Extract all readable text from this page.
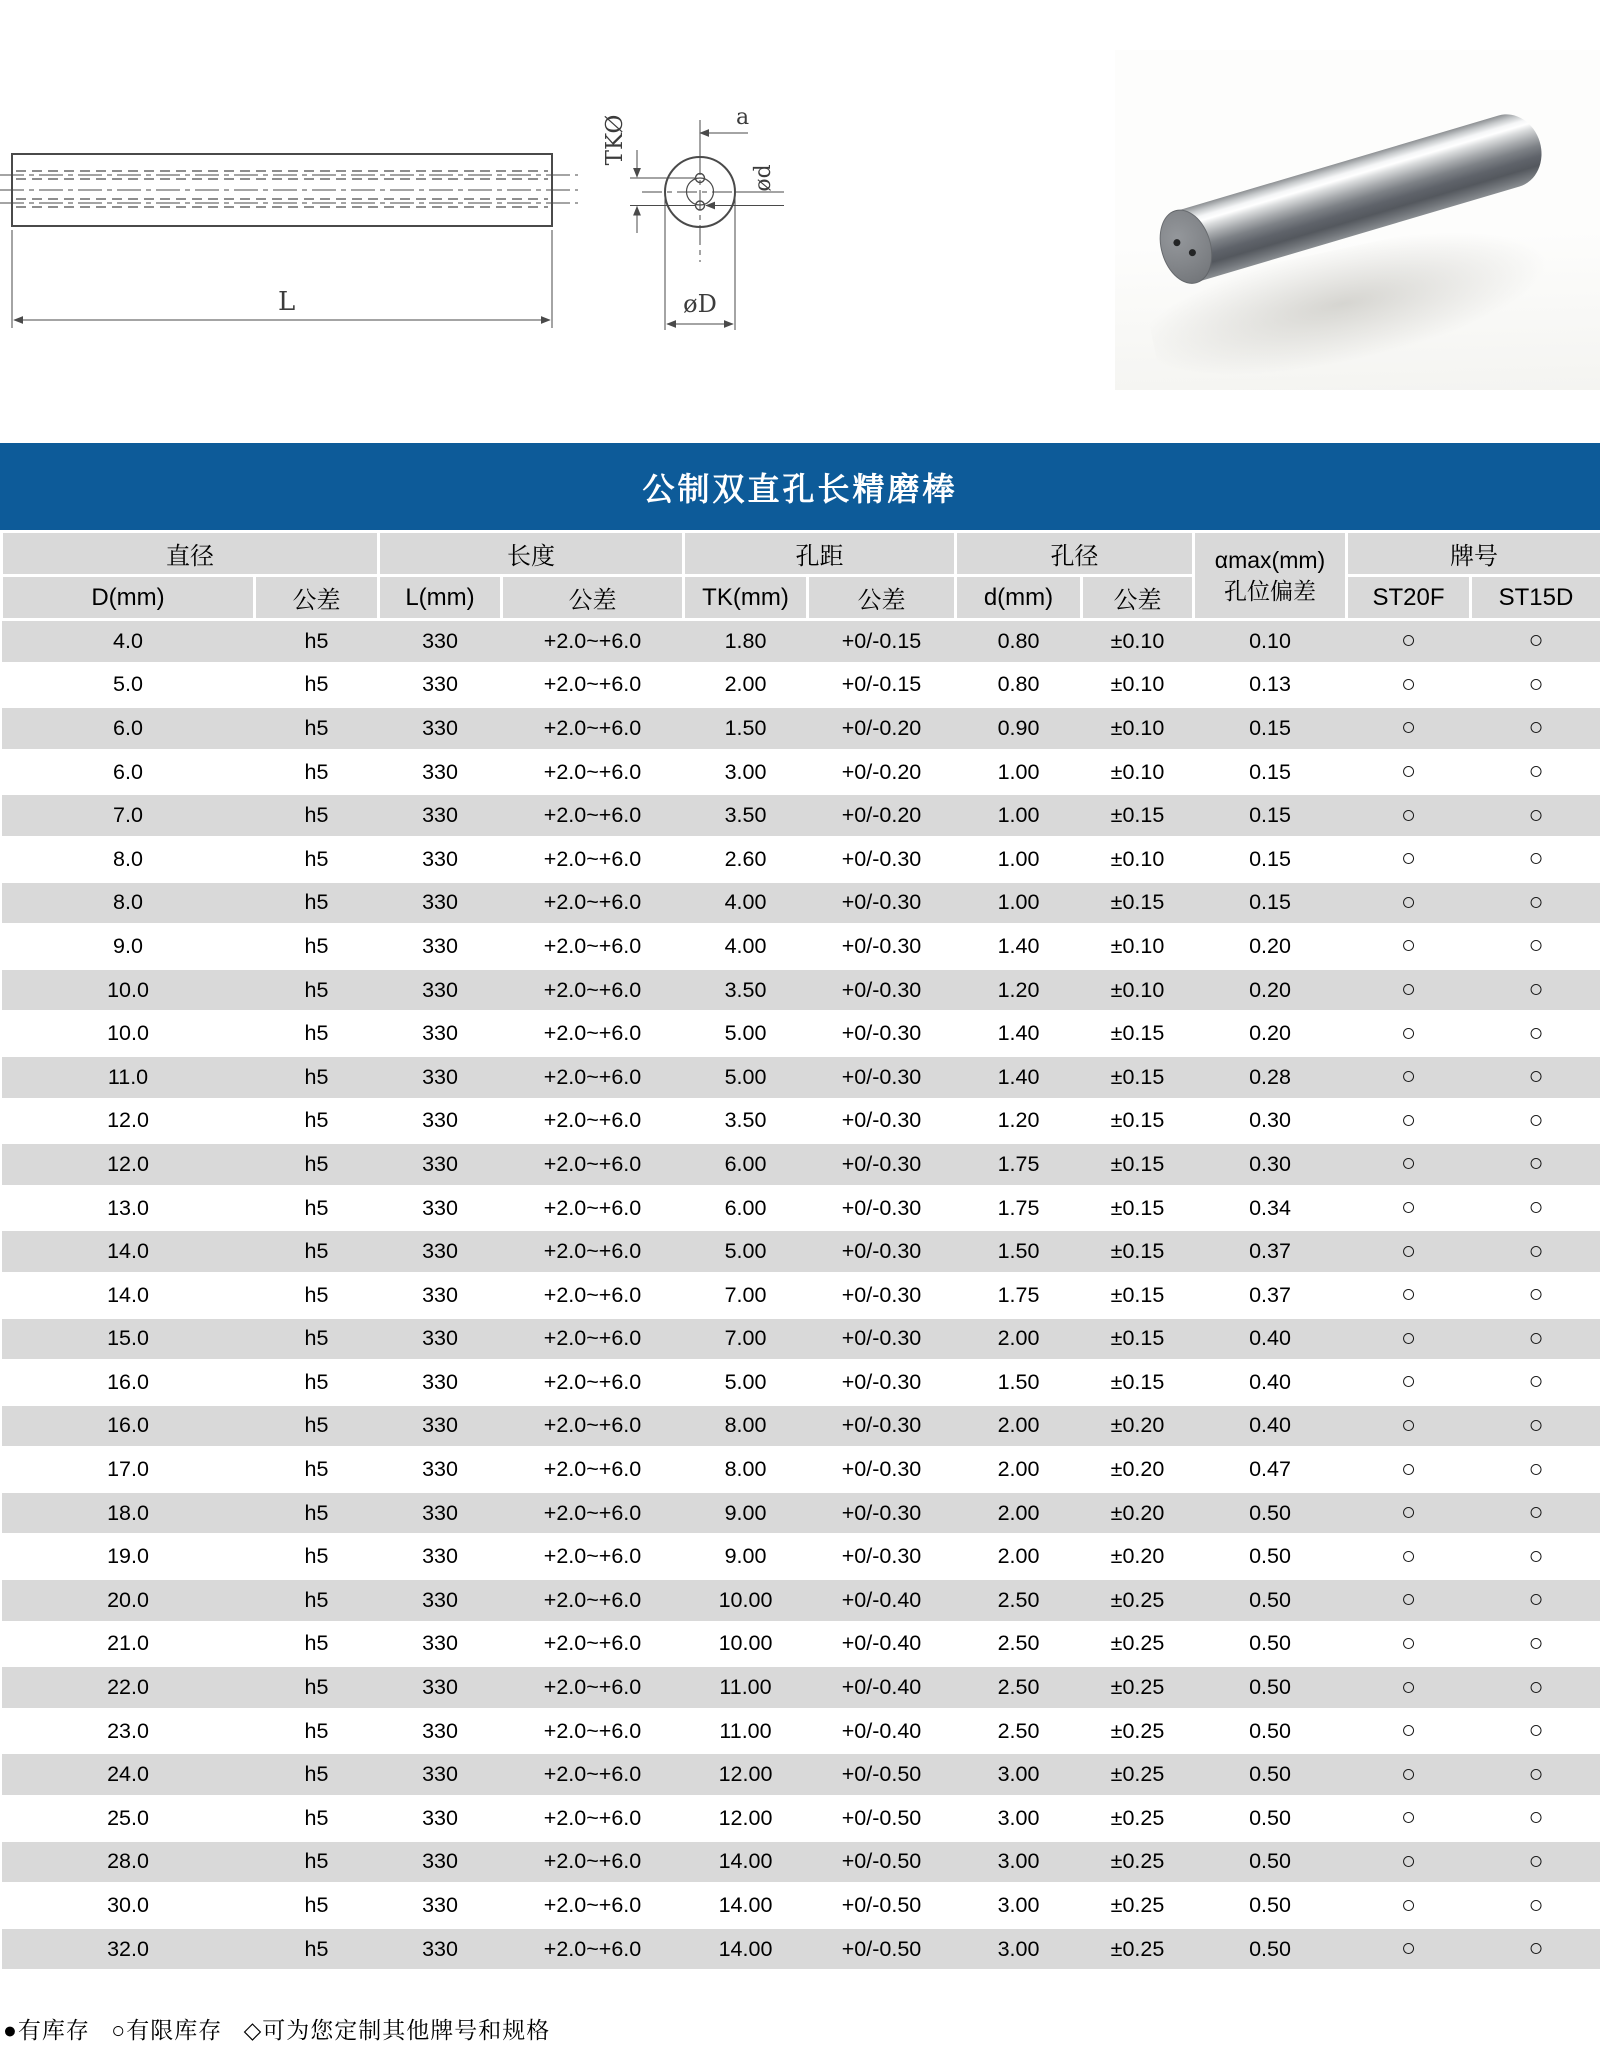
L
TKØ	a
ød
øD
公制双直孔长精磨棒
直径		长度		孔距		孔径		αmax(mm)
孔位偏差	牌号	
D(mm)	公差	L(mm)	公差	TK(mm)	公差	d(mm)	公差		ST20F	ST15D
4.0	h5	330	+2.0~+6.0	1.80	+0/-0.15	0.80	±0.10	0.10	○	○
5.0	h5	330	+2.0~+6.0	2.00	+0/-0.15	0.80	±0.10	0.13	○	○
6.0	h5	330	+2.0~+6.0	1.50	+0/-0.20	0.90	±0.10	0.15	○	○
6.0	h5	330	+2.0~+6.0	3.00	+0/-0.20	1.00	±0.10	0.15	○	○
7.0	h5	330	+2.0~+6.0	3.50	+0/-0.20	1.00	±0.15	0.15	○	○
8.0	h5	330	+2.0~+6.0	2.60	+0/-0.30	1.00	±0.10	0.15	○	○
8.0	h5	330	+2.0~+6.0	4.00	+0/-0.30	1.00	±0.15	0.15	○	○
9.0	h5	330	+2.0~+6.0	4.00	+0/-0.30	1.40	±0.10	0.20	○	○
10.0	h5	330	+2.0~+6.0	3.50	+0/-0.30	1.20	±0.10	0.20	○	○
10.0	h5	330	+2.0~+6.0	5.00	+0/-0.30	1.40	±0.15	0.20	○	○
11.0	h5	330	+2.0~+6.0	5.00	+0/-0.30	1.40	±0.15	0.28	○	○
12.0	h5	330	+2.0~+6.0	3.50	+0/-0.30	1.20	±0.15	0.30	○	○
12.0	h5	330	+2.0~+6.0	6.00	+0/-0.30	1.75	±0.15	0.30	○	○
13.0	h5	330	+2.0~+6.0	6.00	+0/-0.30	1.75	±0.15	0.34	○	○
14.0	h5	330	+2.0~+6.0	5.00	+0/-0.30	1.50	±0.15	0.37	○	○
14.0	h5	330	+2.0~+6.0	7.00	+0/-0.30	1.75	±0.15	0.37	○	○
15.0	h5	330	+2.0~+6.0	7.00	+0/-0.30	2.00	±0.15	0.40	○	○
16.0	h5	330	+2.0~+6.0	5.00	+0/-0.30	1.50	±0.15	0.40	○	○
16.0	h5	330	+2.0~+6.0	8.00	+0/-0.30	2.00	±0.20	0.40	○	○
17.0	h5	330	+2.0~+6.0	8.00	+0/-0.30	2.00	±0.20	0.47	○	○
18.0	h5	330	+2.0~+6.0	9.00	+0/-0.30	2.00	±0.20	0.50	○	○
19.0	h5	330	+2.0~+6.0	9.00	+0/-0.30	2.00	±0.20	0.50	○	○
20.0	h5	330	+2.0~+6.0	10.00	+0/-0.40	2.50	±0.25	0.50	○	○
21.0	h5	330	+2.0~+6.0	10.00	+0/-0.40	2.50	±0.25	0.50	○	○
22.0	h5	330	+2.0~+6.0	11.00	+0/-0.40	2.50	±0.25	0.50	○	○
23.0	h5	330	+2.0~+6.0	11.00	+0/-0.40	2.50	±0.25	0.50	○	○
24.0	h5	330	+2.0~+6.0	12.00	+0/-0.50	3.00	±0.25	0.50	○	○
25.0	h5	330	+2.0~+6.0	12.00	+0/-0.50	3.00	±0.25	0.50	○	○
28.0	h5	330	+2.0~+6.0	14.00	+0/-0.50	3.00	±0.25	0.50	○	○
30.0	h5	330	+2.0~+6.0	14.00	+0/-0.50	3.00	±0.25	0.50	○	○
32.0	h5	330	+2.0~+6.0	14.00	+0/-0.50	3.00	±0.25	0.50	○	○
●有库存 ○有限库存 ◇可为您定制其他牌号和规格
